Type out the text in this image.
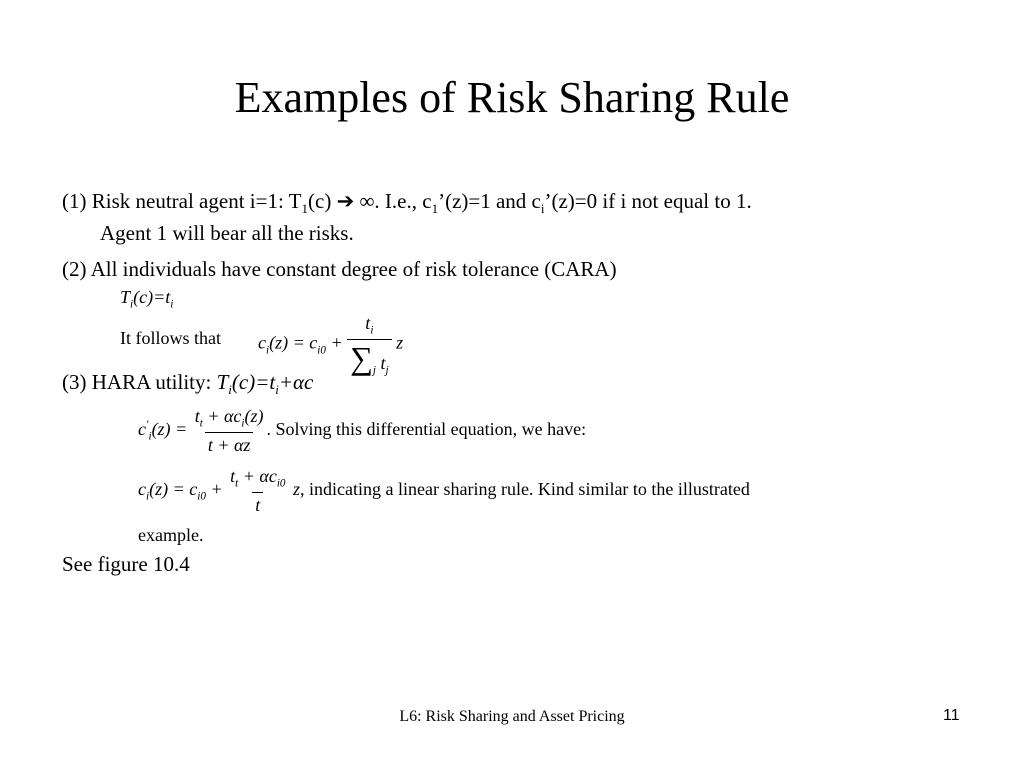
Examples of Risk Sharing Rule
(1) Risk neutral agent i=1: $T_1(c)$ ➔ ∞. I.e., $c_1’(z)=1$ and $c_i’(z)=0$ if i not equal to 1.
Agent 1 will bear all the risks.
(2) All individuals have constant degree of risk tolerance (CARA)
$T_i(c)=t_i$
It follows that $c_i(z) = c_{i0} + \frac{t_i}{\sum_j t_j}$ z
(3) HARA utility: $T_i(c)=t_i+\alpha c$
$c'_i(z) = \frac{t_t + \alpha c_i(z)}{t + \alpha z}$ . Solving this differential equation, we have:
$c_i(z) = c_{i0} + \frac{t_t + \alpha c_{i0}}{t} z$, indicating a linear sharing rule. Kind similar to the illustrated
example.
See figure 10.4
L6: Risk Sharing and Asset Pricing	11
